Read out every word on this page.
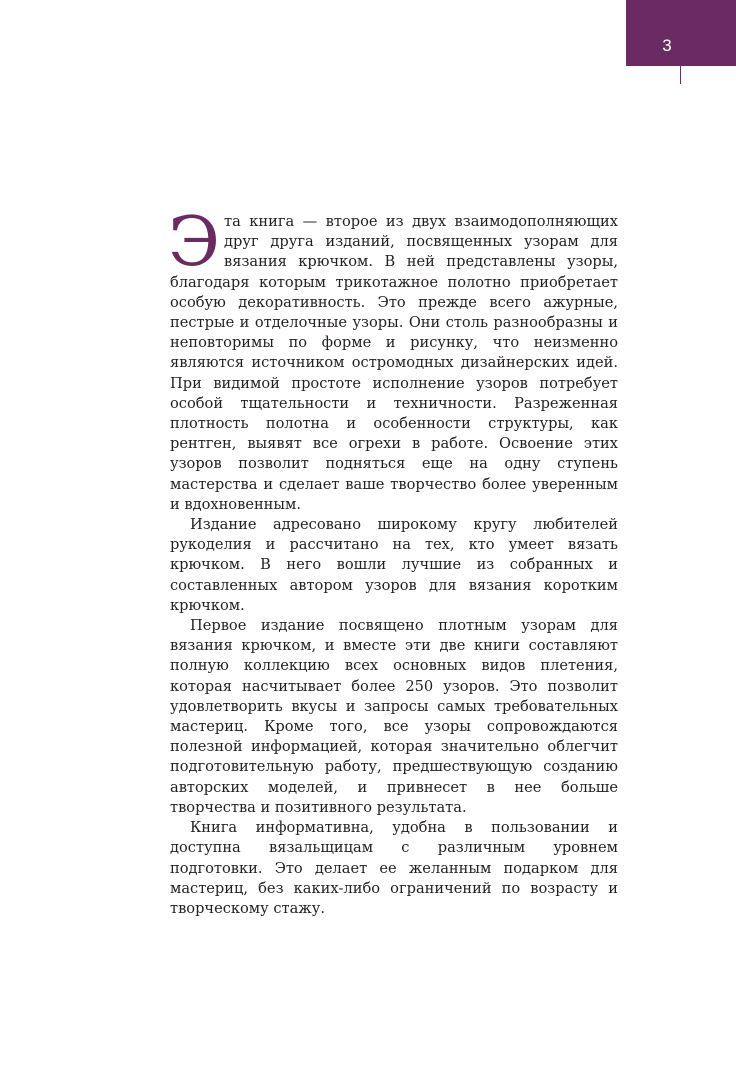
3

Эта книга — второе из двух взаимодополняющих друг друга изданий, посвященных узорам для вязания крючком. В ней представлены узоры, благодаря которым трикотажное полотно приобретает особую декоративность. Это прежде всего ажурные, пестрые и отделочные узоры. Они столь разнообразны и неповторимы по форме и рисунку, что неизменно являются источником остромодных дизайнерских идей. При видимой простоте исполнение узоров потребует особой тщательности и техничности. Разреженная плотность полотна и особенности структуры, как рентген, выявят все огрехи в работе. Освоение этих узоров позволит подняться еще на одну ступень мастерства и сделает ваше творчество более уверенным и вдохновенным.

Издание адресовано широкому кругу любителей рукоделия и рассчитано на тех, кто умеет вязать крючком. В него вошли лучшие из собранных и составленных автором узоров для вязания коротким крючком.

Первое издание посвящено плотным узорам для вязания крючком, и вместе эти две книги составляют полную коллекцию всех основных видов плетения, которая насчитывает более 250 узоров. Это позволит удовлетворить вкусы и запросы самых требовательных мастериц. Кроме того, все узоры сопровождаются полезной информацией, которая значительно облегчит подготовительную работу, предшествующую созданию авторских моделей, и привнесет в нее больше творчества и позитивного результата.

Книга информативна, удобна в пользовании и доступна вязальщицам с различным уровнем подготовки. Это делает ее желанным подарком для мастериц, без каких-либо ограничений по возрасту и творческому стажу.
